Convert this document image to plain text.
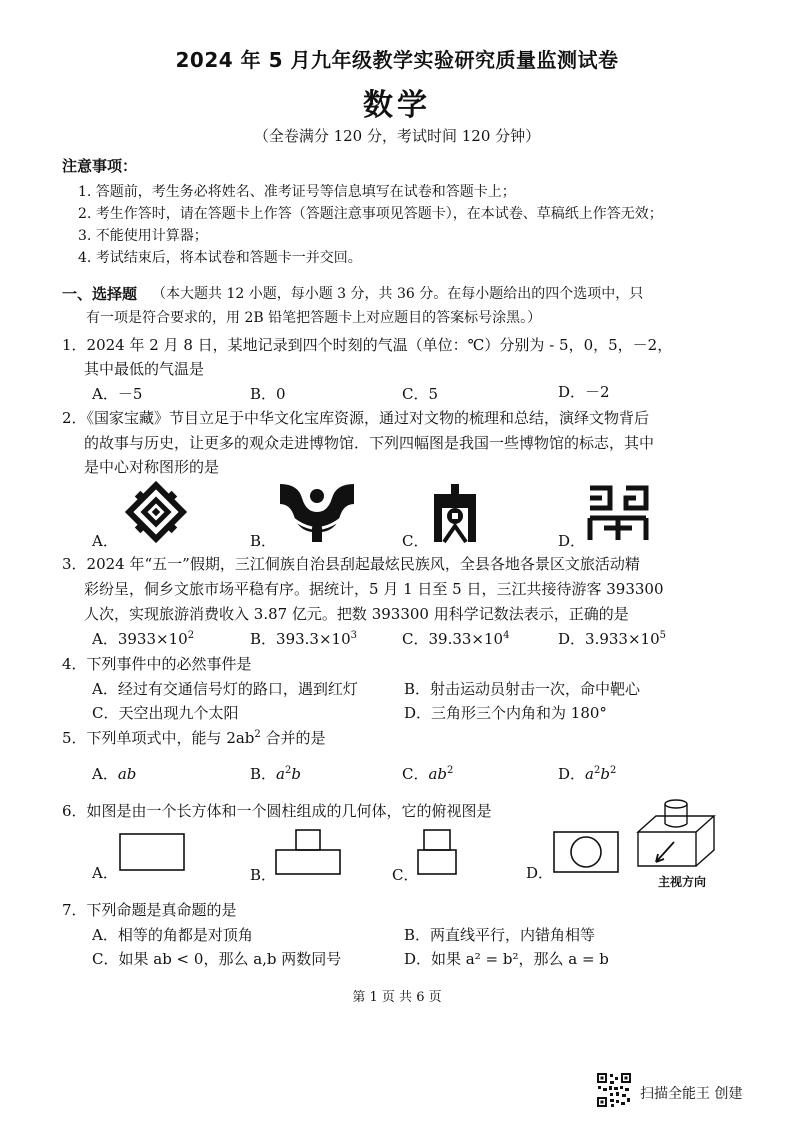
2024 年 5 月九年级教学实验研究质量监测试卷
数学
（全卷满分 120 分，考试时间 120 分钟）
注意事项：
1. 答题前，考生务必将姓名、准考证号等信息填写在试卷和答题卡上；
2. 考生作答时，请在答题卡上作答（答题注意事项见答题卡），在本试卷、草稿纸上作答无效；
3. 不能使用计算器；
4. 考试结束后，将本试卷和答题卡一并交回。
一、选择题 （本大题共 12 小题，每小题 3 分，共 36 分。在每小题给出的四个选项中，只
有一项是符合要求的，用 2B 铅笔把答题卡上对应题目的答案标号涂黑。）
1．2024 年 2 月 8 日，某地记录到四个时刻的气温（单位：℃）分别为 - 5，0，5，－2，
其中最低的气温是
A．－5	B．0	C．5	D．－2
2．《国家宝藏》节目立足于中华文化宝库资源，通过对文物的梳理和总结，演绎文物背后
的故事与历史，让更多的观众走进博物馆．下列四幅图是我国一些博物馆的标志，其中
是中心对称图形的是
A．	B．	C．	D．
3．2024 年“五一”假期，三江侗族自治县刮起最炫民族风，全县各地各景区文旅活动精
彩纷呈，侗乡文旅市场平稳有序。据统计，5 月 1 日至 5 日，三江共接待游客 393300
人次，实现旅游消费收入 3.87 亿元。把数 393300 用科学记数法表示，正确的是
A．$3933\times 10^2$	B．$393.3\times 10^3$	C．$39.33\times 10^4$	D．$3.933\times 10^5$
4．下列事件中的必然事件是
A．经过有交通信号灯的路口，遇到红灯	B．射击运动员射击一次，命中靶心
C．天空出现九个太阳	D．三角形三个内角和为 180°
5．下列单项式中，能与 $2ab^2$ 合并的是
A．ab	B．$a^2b$	C．$ab^2$	D．$a^2b^2$
6．如图是由一个长方体和一个圆柱组成的几何体，它的俯视图是
A．	B．	C．	D．	主视方向
7．下列命题是真命题的是
A．相等的角都是对顶角	B．两直线平行，内错角相等
C．如果 ab < 0，那么 a,b 两数同号	D．如果 a² = b²，那么 a = b
第 1 页 共 6 页
扫描全能王 创建
